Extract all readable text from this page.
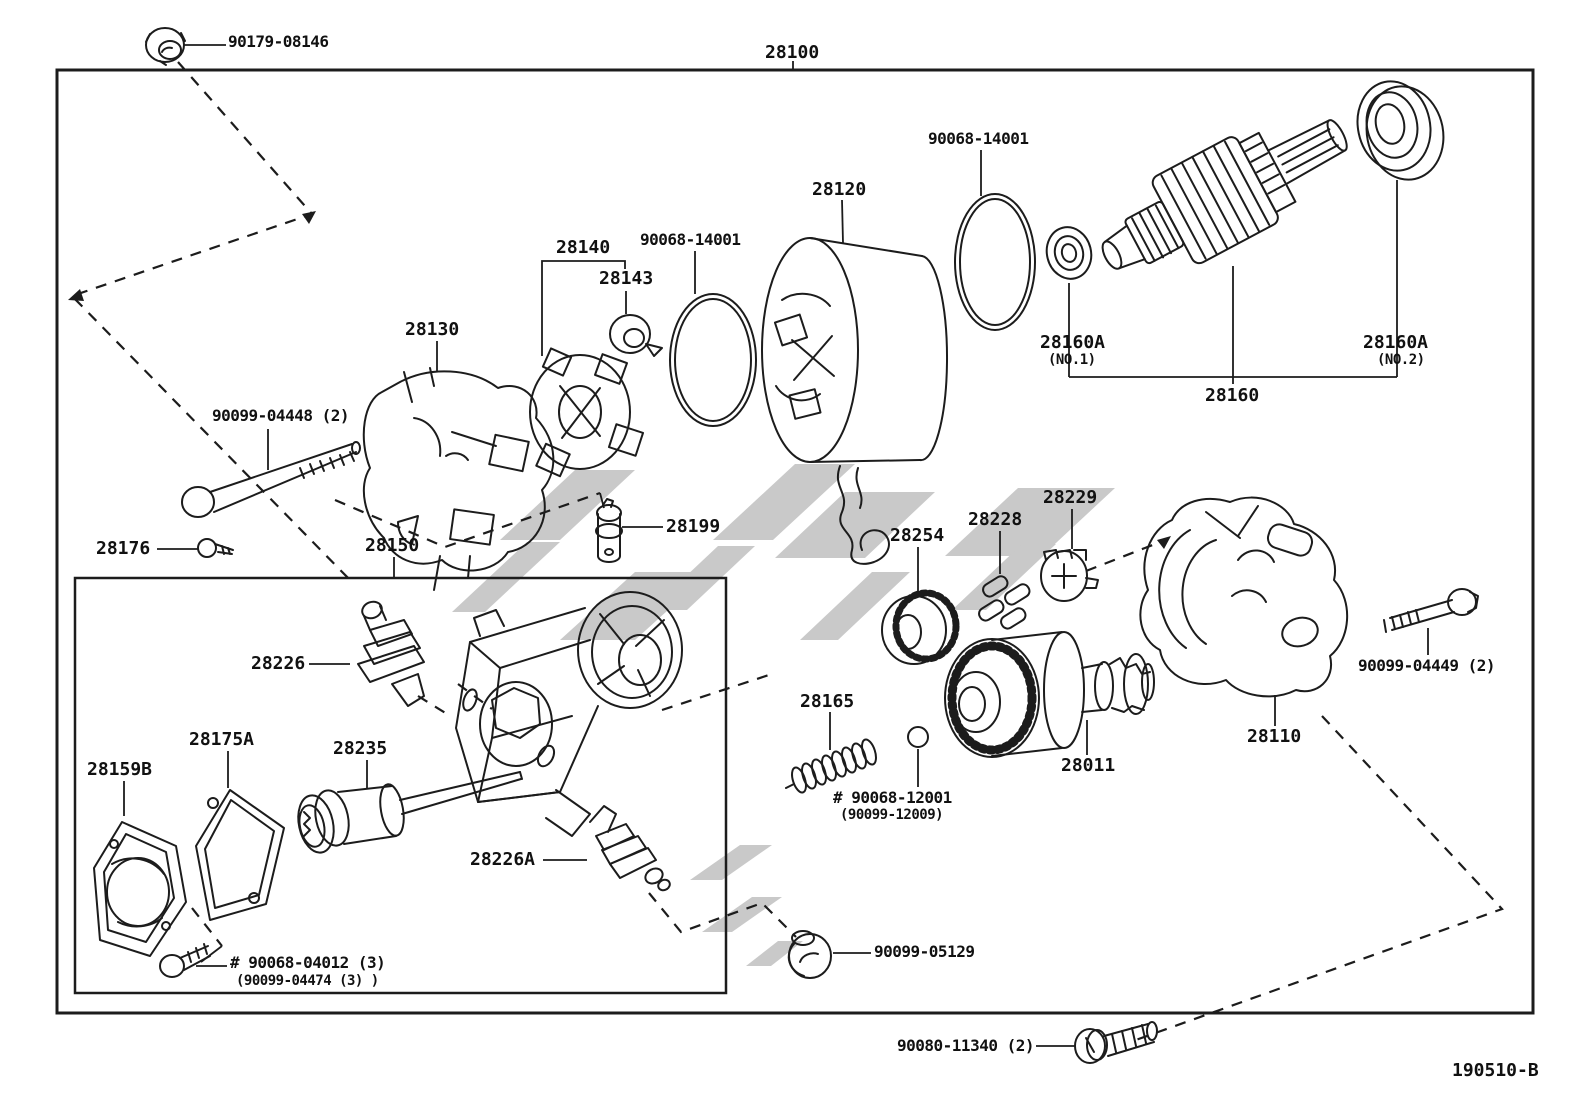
90179-08146
28100
90068-14001
28120
28140 90068-14001
28143
28130
90099-04448 (2)
28176	28150
28199
28226
28175A
28159B
28235
28226A
# 90068-04012 (3)
(90099-04474 (3) )
90099-05129
# 90068-12001
(90099-12009)
28165
28254
28228
28229
28011
28110
90099-04449 (2)
28160A
(NO.1)
28160A
(NO.2)
28160
90080-11340 (2)
190510-B
